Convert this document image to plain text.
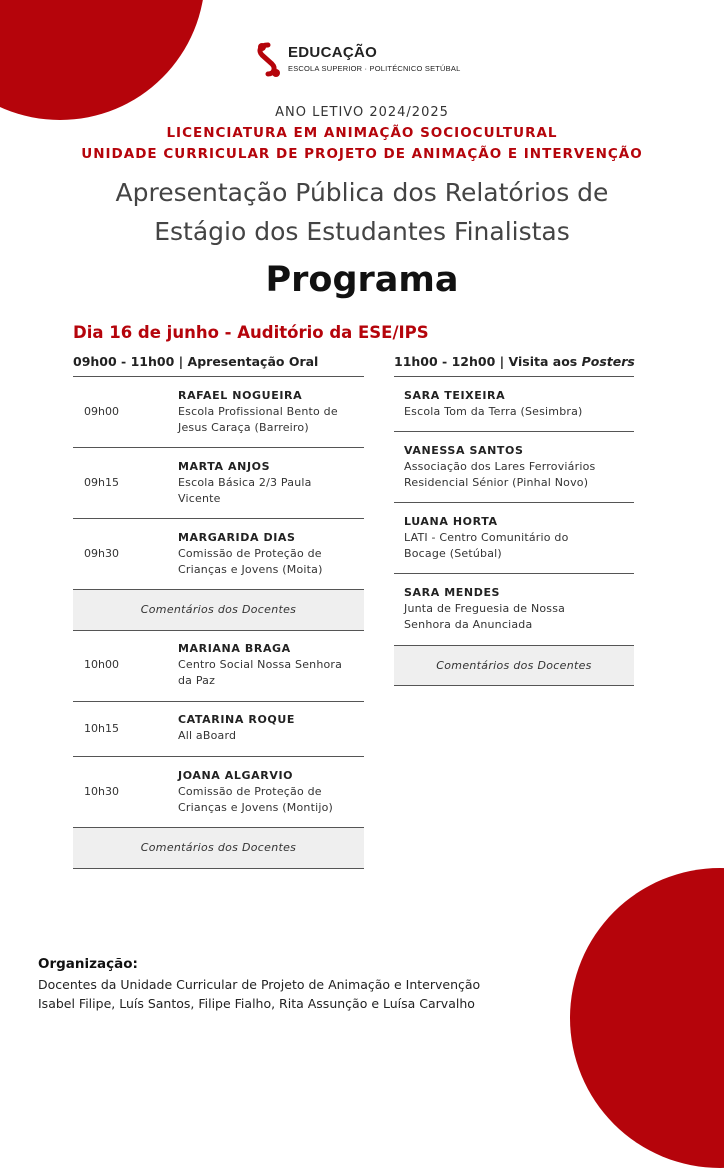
EDUCAÇÃO
ESCOLA SUPERIOR · POLITÉCNICO SETÚBAL
ANO LETIVO 2024/2025
LICENCIATURA EM ANIMAÇÃO SOCIOCULTURAL
UNIDADE CURRICULAR DE PROJETO DE ANIMAÇÃO E INTERVENÇÃO
Apresentação Pública dos Relatórios de
Estágio dos Estudantes Finalistas
Programa
Dia 16 de junho - Auditório da ESE/IPS
09h00 - 11h00 | Apresentação Oral
09h00
RAFAEL NOGUEIRA
Escola Profissional Bento de Jesus Caraça (Barreiro)
09h15
MARTA ANJOS
Escola Básica 2/3 Paula Vicente
09h30
MARGARIDA DIAS
Comissão de Proteção de Crianças e Jovens (Moita)
Comentários dos Docentes
10h00
MARIANA BRAGA
Centro Social Nossa Senhora da Paz
10h15
CATARINA ROQUE
All aBoard
10h30
JOANA ALGARVIO
Comissão de Proteção de Crianças e Jovens (Montijo)
Comentários dos Docentes
11h00 - 12h00 | Visita aos Posters
SARA TEIXEIRA
Escola Tom da Terra (Sesimbra)
VANESSA SANTOS
Associação dos Lares Ferroviários Residencial Sénior (Pinhal Novo)
LUANA HORTA
LATI - Centro Comunitário do Bocage (Setúbal)
SARA MENDES
Junta de Freguesia de Nossa Senhora da Anunciada
Comentários dos Docentes
Organização:
Docentes da Unidade Curricular de Projeto de Animação e Intervenção
Isabel Filipe, Luís Santos, Filipe Fialho, Rita Assunção e Luísa Carvalho
